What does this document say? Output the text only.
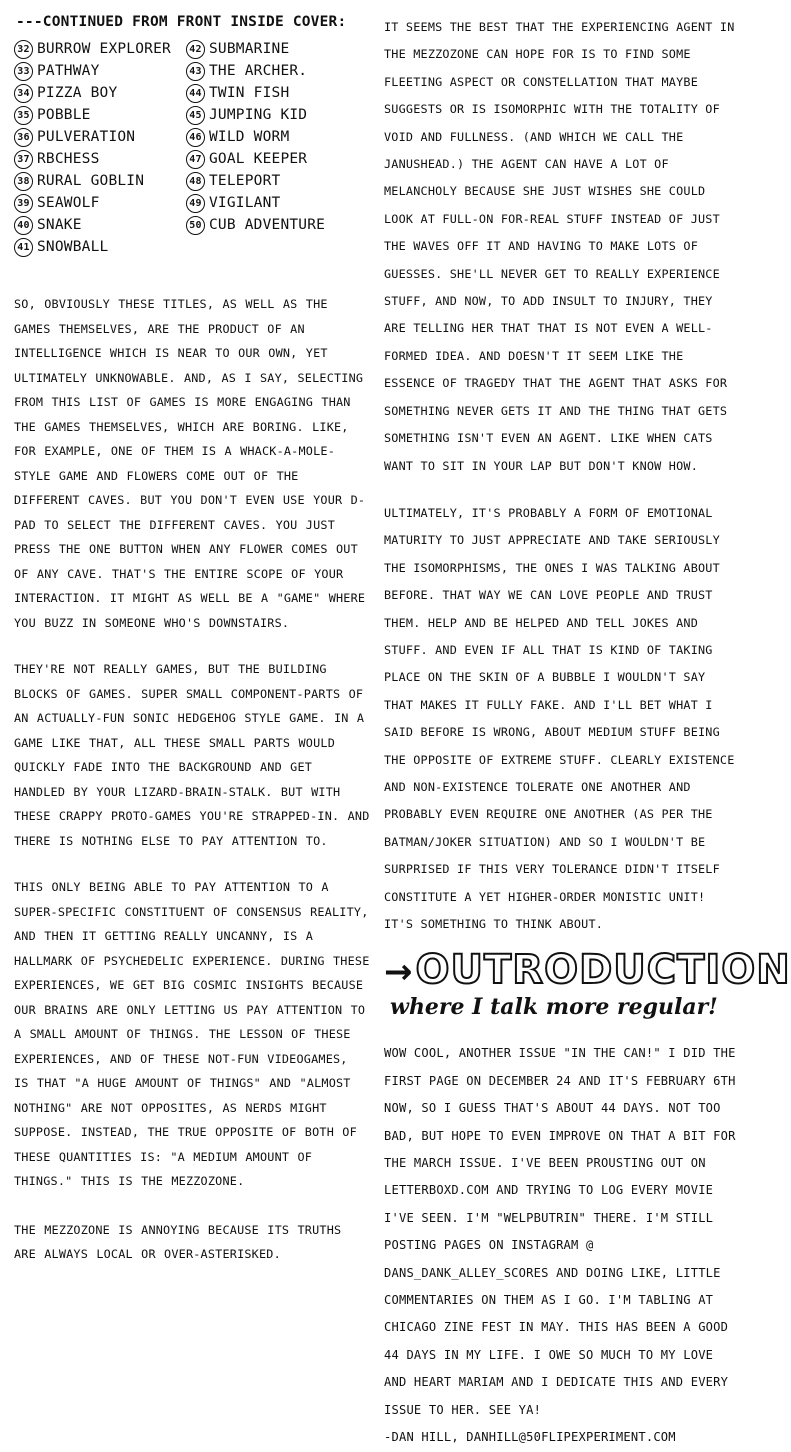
---CONTINUED FROM FRONT INSIDE COVER:
32 BURROW EXPLORER
33 PATHWAY
34 PIZZA BOY
35 POBBLE
36 PULVERATION
37 RBCHESS
38 RURAL GOBLIN
39 SEAWOLF
40 SNAKE
41 SNOWBALL
42 SUBMARINE
43 THE ARCHER.
44 TWIN FISH
45 JUMPING KID
46 WILD WORM
47 GOAL KEEPER
48 TELEPORT
49 VIGILANT
50 CUB ADVENTURE

SO, OBVIOUSLY THESE TITLES, AS WELL AS THE GAMES THEMSELVES, ARE THE PRODUCT OF AN INTELLIGENCE WHICH IS NEAR TO OUR OWN, YET ULTIMATELY UNKNOWABLE. AND, AS I SAY, SELECTING FROM THIS LIST OF GAMES IS MORE ENGAGING THAN THE GAMES THEMSELVES, WHICH ARE BORING. LIKE, FOR EXAMPLE, ONE OF THEM IS A WHACK-A-MOLE-STYLE GAME AND FLOWERS COME OUT OF THE DIFFERENT CAVES. BUT YOU DON'T EVEN USE YOUR D-PAD TO SELECT THE DIFFERENT CAVES. YOU JUST PRESS THE ONE BUTTON WHEN ANY FLOWER COMES OUT OF ANY CAVE. THAT'S THE ENTIRE SCOPE OF YOUR INTERACTION. IT MIGHT AS WELL BE A "GAME" WHERE YOU BUZZ IN SOMEONE WHO'S DOWNSTAIRS.

THEY'RE NOT REALLY GAMES, BUT THE BUILDING BLOCKS OF GAMES. SUPER SMALL COMPONENT-PARTS OF AN ACTUALLY-FUN SONIC HEDGEHOG STYLE GAME. IN A GAME LIKE THAT, ALL THESE SMALL PARTS WOULD QUICKLY FADE INTO THE BACKGROUND AND GET HANDLED BY YOUR LIZARD-BRAIN-STALK. BUT WITH THESE CRAPPY PROTO-GAMES YOU'RE STRAPPED-IN. AND THERE IS NOTHING ELSE TO PAY ATTENTION TO.

THIS ONLY BEING ABLE TO PAY ATTENTION TO A SUPER-SPECIFIC CONSTITUENT OF CONSENSUS REALITY, AND THEN IT GETTING REALLY UNCANNY, IS A HALLMARK OF PSYCHEDELIC EXPERIENCE. DURING THESE EXPERIENCES, WE GET BIG COSMIC INSIGHTS BECAUSE OUR BRAINS ARE ONLY LETTING US PAY ATTENTION TO A SMALL AMOUNT OF THINGS. THE LESSON OF THESE EXPERIENCES, AND OF THESE NOT-FUN VIDEOGAMES, IS THAT "A HUGE AMOUNT OF THINGS" AND "ALMOST NOTHING" ARE NOT OPPOSITES, AS NERDS MIGHT SUPPOSE. INSTEAD, THE TRUE OPPOSITE OF BOTH OF THESE QUANTITIES IS: "A MEDIUM AMOUNT OF THINGS." THIS IS THE MEZZOZONE.

THE MEZZOZONE IS ANNOYING BECAUSE ITS TRUTHS ARE ALWAYS LOCAL OR OVER-ASTERISKED.

IT SEEMS THE BEST THAT THE EXPERIENCING AGENT IN THE MEZZOZONE CAN HOPE FOR IS TO FIND SOME FLEETING ASPECT OR CONSTELLATION THAT MAYBE SUGGESTS OR IS ISOMORPHIC WITH THE TOTALITY OF VOID AND FULLNESS. (AND WHICH WE CALL THE JANUSHEAD.) THE AGENT CAN HAVE A LOT OF MELANCHOLY BECAUSE SHE JUST WISHES SHE COULD LOOK AT FULL-ON FOR-REAL STUFF INSTEAD OF JUST THE WAVES OFF IT AND HAVING TO MAKE LOTS OF GUESSES. SHE'LL NEVER GET TO REALLY EXPERIENCE STUFF, AND NOW, TO ADD INSULT TO INJURY, THEY ARE TELLING HER THAT THAT IS NOT EVEN A WELL-FORMED IDEA. AND DOESN'T IT SEEM LIKE THE ESSENCE OF TRAGEDY THAT THE AGENT THAT ASKS FOR SOMETHING NEVER GETS IT AND THE THING THAT GETS SOMETHING ISN'T EVEN AN AGENT. LIKE WHEN CATS WANT TO SIT IN YOUR LAP BUT DON'T KNOW HOW.

ULTIMATELY, IT'S PROBABLY A FORM OF EMOTIONAL MATURITY TO JUST APPRECIATE AND TAKE SERIOUSLY THE ISOMORPHISMS, THE ONES I WAS TALKING ABOUT BEFORE. THAT WAY WE CAN LOVE PEOPLE AND TRUST THEM. HELP AND BE HELPED AND TELL JOKES AND STUFF. AND EVEN IF ALL THAT IS KIND OF TAKING PLACE ON THE SKIN OF A BUBBLE I WOULDN'T SAY THAT MAKES IT FULLY FAKE. AND I'LL BET WHAT I SAID BEFORE IS WRONG, ABOUT MEDIUM STUFF BEING THE OPPOSITE OF EXTREME STUFF. CLEARLY EXISTENCE AND NON-EXISTENCE TOLERATE ONE ANOTHER AND PROBABLY EVEN REQUIRE ONE ANOTHER (AS PER THE BATMAN/JOKER SITUATION) AND SO I WOULDN'T BE SURPRISED IF THIS VERY TOLERANCE DIDN'T ITSELF CONSTITUTE A YET HIGHER-ORDER MONISTIC UNIT! IT'S SOMETHING TO THINK ABOUT.

→OUTRODUCTION
where I talk more regular!

WOW COOL, ANOTHER ISSUE "IN THE CAN!" I DID THE FIRST PAGE ON DECEMBER 24 AND IT'S FEBRUARY 6TH NOW, SO I GUESS THAT'S ABOUT 44 DAYS. NOT TOO BAD, BUT HOPE TO EVEN IMPROVE ON THAT A BIT FOR THE MARCH ISSUE. I'VE BEEN PROUSTING OUT ON LETTERBOXD.COM AND TRYING TO LOG EVERY MOVIE I'VE SEEN. I'M "WELPBUTRIN" THERE. I'M STILL POSTING PAGES ON INSTAGRAM @ DANS_DANK_ALLEY_SCORES AND DOING LIKE, LITTLE COMMENTARIES ON THEM AS I GO. I'M TABLING AT CHICAGO ZINE FEST IN MAY. THIS HAS BEEN A GOOD 44 DAYS IN MY LIFE. I OWE SO MUCH TO MY LOVE AND HEART MARIAM AND I DEDICATE THIS AND EVERY ISSUE TO HER. SEE YA!

-DAN HILL, DANHILL@50FLIPEXPERIMENT.COM
